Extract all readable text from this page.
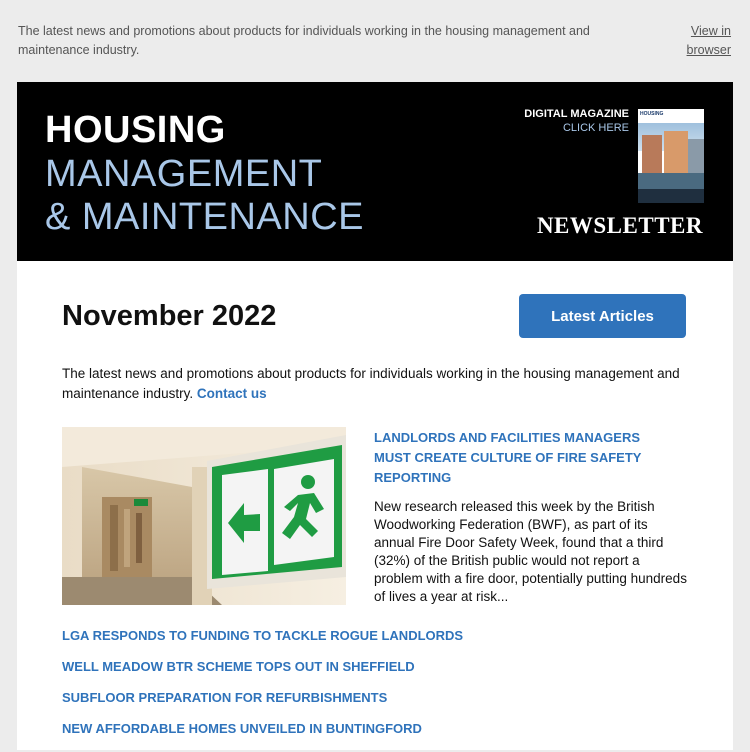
The latest news and promotions about products for individuals working in the housing management and maintenance industry.
View in browser
HOUSING
MANAGEMENT
& MAINTENANCE
DIGITAL MAGAZINE
CLICK HERE
HOUSING
NEWSLETTER
November 2022	Latest Articles
The latest news and promotions about products for individuals working in the housing management and maintenance industry. Contact us
LANDLORDS AND FACILITIES MANAGERS MUST CREATE CULTURE OF FIRE SAFETY REPORTING
New research released this week by the British Woodworking Federation (BWF), as part of its annual Fire Door Safety Week, found that a third (32%) of the British public would not report a problem with a fire door, potentially putting hundreds of lives a year at risk...
LGA RESPONDS TO FUNDING TO TACKLE ROGUE LANDLORDS
WELL MEADOW BTR SCHEME TOPS OUT IN SHEFFIELD
SUBFLOOR PREPARATION FOR REFURBISHMENTS
NEW AFFORDABLE HOMES UNVEILED IN BUNTINGFORD
